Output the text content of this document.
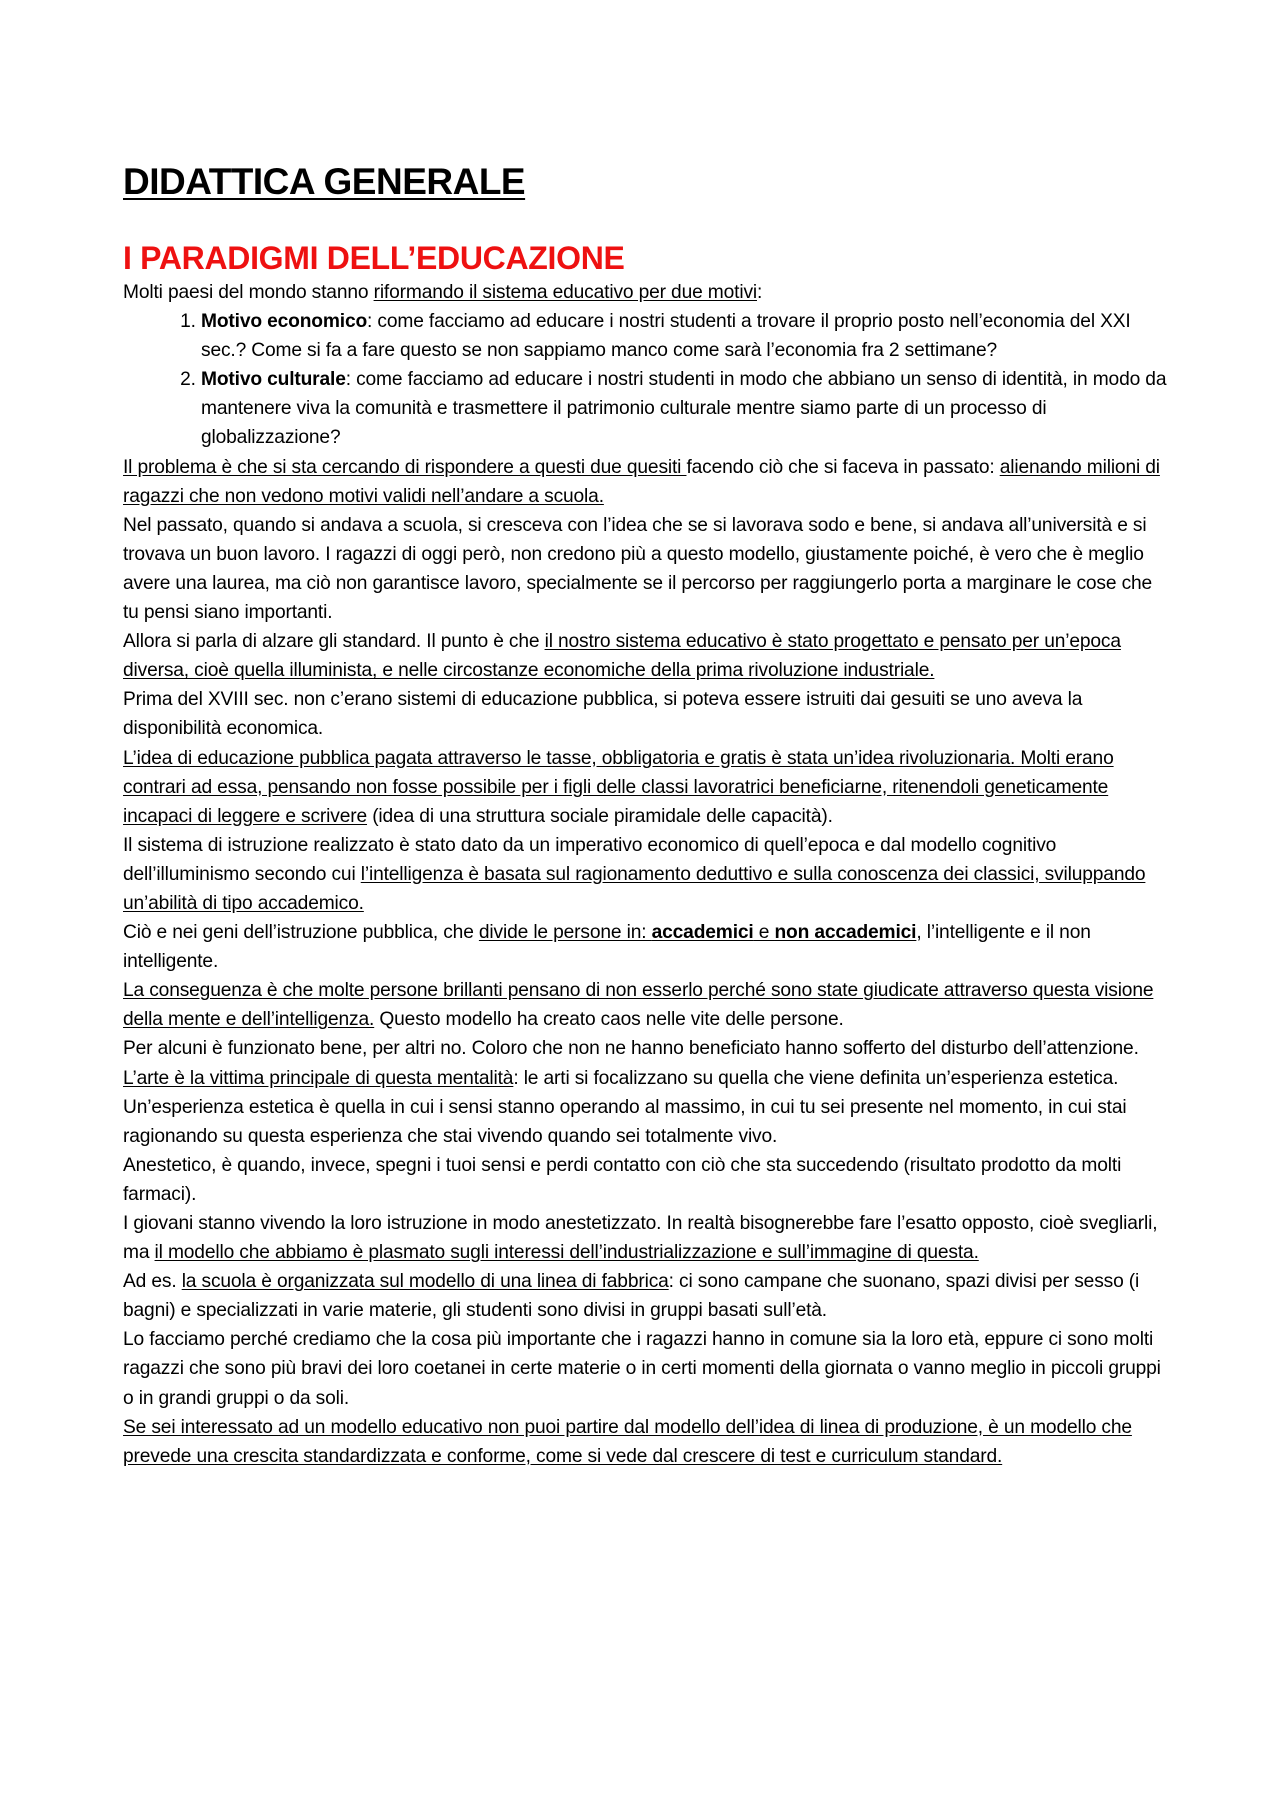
DIDATTICA GENERALE
I PARADIGMI DELL’EDUCAZIONE

Molti paesi del mondo stanno riformando il sistema educativo per due motivi:

1. Motivo economico: come facciamo ad educare i nostri studenti a trovare il proprio posto nell’economia del XXI sec.? Come si fa a fare questo se non sappiamo manco come sarà l’economia fra 2 settimane?
2. Motivo culturale: come facciamo ad educare i nostri studenti in modo che abbiano un senso di identità, in modo da mantenere viva la comunità e trasmettere il patrimonio culturale mentre siamo parte di un processo di globalizzazione?

Il problema è che si sta cercando di rispondere a questi due quesiti facendo ciò che si faceva in passato: alienando milioni di ragazzi che non vedono motivi validi nell’andare a scuola.

Nel passato, quando si andava a scuola, si cresceva con l’idea che se si lavorava sodo e bene, si andava all’università e si trovava un buon lavoro. I ragazzi di oggi però, non credono più a questo modello, giustamente poiché, è vero che è meglio avere una laurea, ma ciò non garantisce lavoro, specialmente se il percorso per raggiungerlo porta a marginare le cose che tu pensi siano importanti.

Allora si parla di alzare gli standard. Il punto è che il nostro sistema educativo è stato progettato e pensato per un’epoca diversa, cioè quella illuminista, e nelle circostanze economiche della prima rivoluzione industriale.

Prima del XVIII sec. non c’erano sistemi di educazione pubblica, si poteva essere istruiti dai gesuiti se uno aveva la disponibilità economica.

L’idea di educazione pubblica pagata attraverso le tasse, obbligatoria e gratis è stata un’idea rivoluzionaria. Molti erano contrari ad essa, pensando non fosse possibile per i figli delle classi lavoratrici beneficiarne, ritenendoli geneticamente incapaci di leggere e scrivere (idea di una struttura sociale piramidale delle capacità).

Il sistema di istruzione realizzato è stato dato da un imperativo economico di quell’epoca e dal modello cognitivo dell’illuminismo secondo cui l’intelligenza è basata sul ragionamento deduttivo e sulla conoscenza dei classici, sviluppando un’abilità di tipo accademico.

Ciò e nei geni dell’istruzione pubblica, che divide le persone in: accademici e non accademici, l’intelligente e il non intelligente.

La conseguenza è che molte persone brillanti pensano di non esserlo perché sono state giudicate attraverso questa visione della mente e dell’intelligenza. Questo modello ha creato caos nelle vite delle persone.

Per alcuni è funzionato bene, per altri no. Coloro che non ne hanno beneficiato hanno sofferto del disturbo dell’attenzione.

L’arte è la vittima principale di questa mentalità: le arti si focalizzano su quella che viene definita un’esperienza estetica. Un’esperienza estetica è quella in cui i sensi stanno operando al massimo, in cui tu sei presente nel momento, in cui stai ragionando su questa esperienza che stai vivendo quando sei totalmente vivo.

Anestetico, è quando, invece, spegni i tuoi sensi e perdi contatto con ciò che sta succedendo (risultato prodotto da molti farmaci).

I giovani stanno vivendo la loro istruzione in modo anestetizzato. In realtà bisognerebbe fare l’esatto opposto, cioè svegliarli, ma il modello che abbiamo è plasmato sugli interessi dell’industrializzazione e sull’immagine di questa.

Ad es. la scuola è organizzata sul modello di una linea di fabbrica: ci sono campane che suonano, spazi divisi per sesso (i bagni) e specializzati in varie materie, gli studenti sono divisi in gruppi basati sull’età.

Lo facciamo perché crediamo che la cosa più importante che i ragazzi hanno in comune sia la loro età, eppure ci sono molti ragazzi che sono più bravi dei loro coetanei in certe materie o in certi momenti della giornata o vanno meglio in piccoli gruppi o in grandi gruppi o da soli.

Se sei interessato ad un modello educativo non puoi partire dal modello dell’idea di linea di produzione, è un modello che prevede una crescita standardizzata e conforme, come si vede dal crescere di test e curriculum standard.
